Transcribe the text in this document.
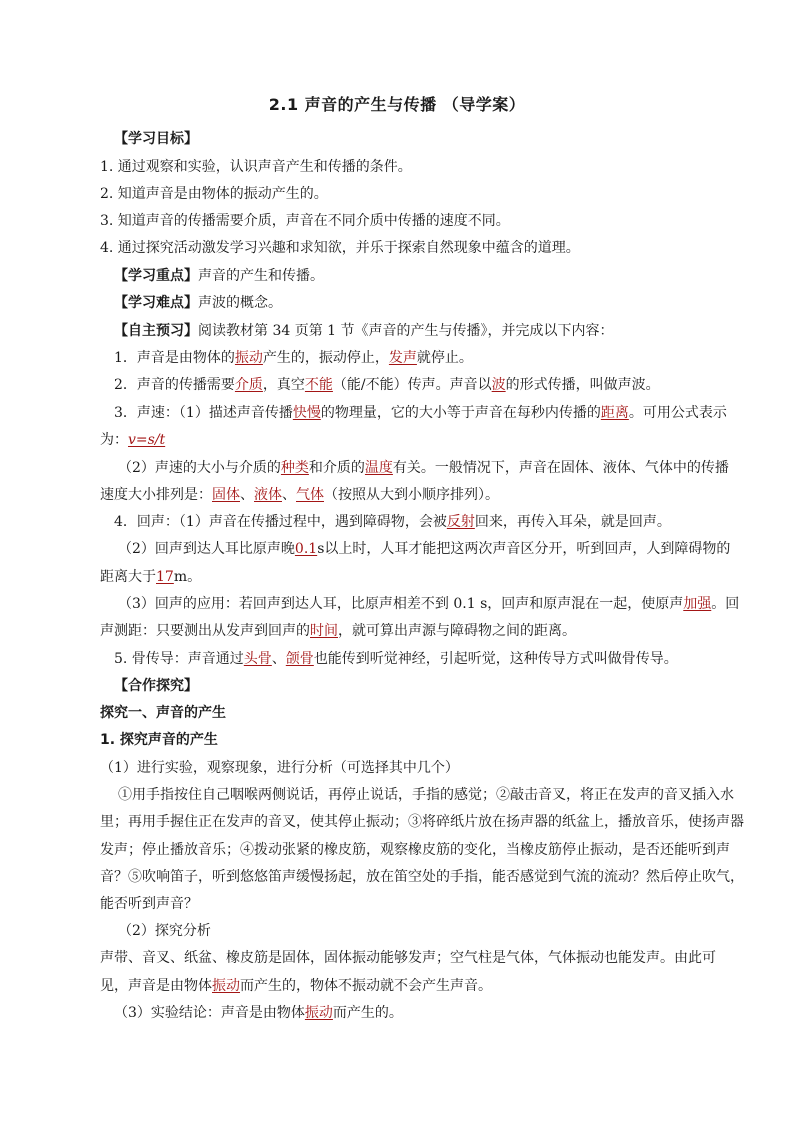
2.1 声音的产生与传播 （导学案）
【学习目标】
1. 通过观察和实验，认识声音产生和传播的条件。
2. 知道声音是由物体的振动产生的。
3. 知道声音的传播需要介质，声音在不同介质中传播的速度不同。
4. 通过探究活动激发学习兴趣和求知欲，并乐于探索自然现象中蕴含的道理。
【学习重点】声音的产生和传播。
【学习难点】声波的概念。
【自主预习】阅读教材第 34 页第 1 节《声音的产生与传播》，并完成以下内容：
1．声音是由物体的振动产生的，振动停止，发声就停止。
2．声音的传播需要介质，真空不能（能/不能）传声。声音以波的形式传播，叫做声波。
3．声速：（1）描述声音传播快慢的物理量，它的大小等于声音在每秒内传播的距离。可用公式表示
为：v=s/t
（2）声速的大小与介质的种类和介质的温度有关。一般情况下，声音在固体、液体、气体中的传播
速度大小排列是：固体、液体、气体（按照从大到小顺序排列）。
4．回声：（1）声音在传播过程中，遇到障碍物，会被反射回来，再传入耳朵，就是回声。
（2）回声到达人耳比原声晚0.1s以上时，人耳才能把这两次声音区分开，听到回声，人到障碍物的
距离大于17m。
（3）回声的应用：若回声到达人耳，比原声相差不到 0.1 s，回声和原声混在一起，使原声加强。回
声测距：只要测出从发声到回声的时间，就可算出声源与障碍物之间的距离。
5. 骨传导：声音通过头骨、颌骨也能传到听觉神经，引起听觉，这种传导方式叫做骨传导。
【合作探究】
探究一、声音的产生
1. 探究声音的产生
（1）进行实验，观察现象，进行分析（可选择其中几个）
①用手指按住自己咽喉两侧说话，再停止说话，手指的感觉；②敲击音叉，将正在发声的音叉插入水
里；再用手握住正在发声的音叉，使其停止振动；③将碎纸片放在扬声器的纸盆上，播放音乐，使扬声器
发声；停止播放音乐；④拨动张紧的橡皮筋，观察橡皮筋的变化，当橡皮筋停止振动，是否还能听到声
音？⑤吹响笛子，听到悠悠笛声缓慢扬起，放在笛空处的手指，能否感觉到气流的流动？然后停止吹气，
能否听到声音？
（2）探究分析
声带、音叉、纸盆、橡皮筋是固体，固体振动能够发声；空气柱是气体，气体振动也能发声。由此可
见，声音是由物体振动而产生的，物体不振动就不会产生声音。
（3）实验结论：声音是由物体振动而产生的。
